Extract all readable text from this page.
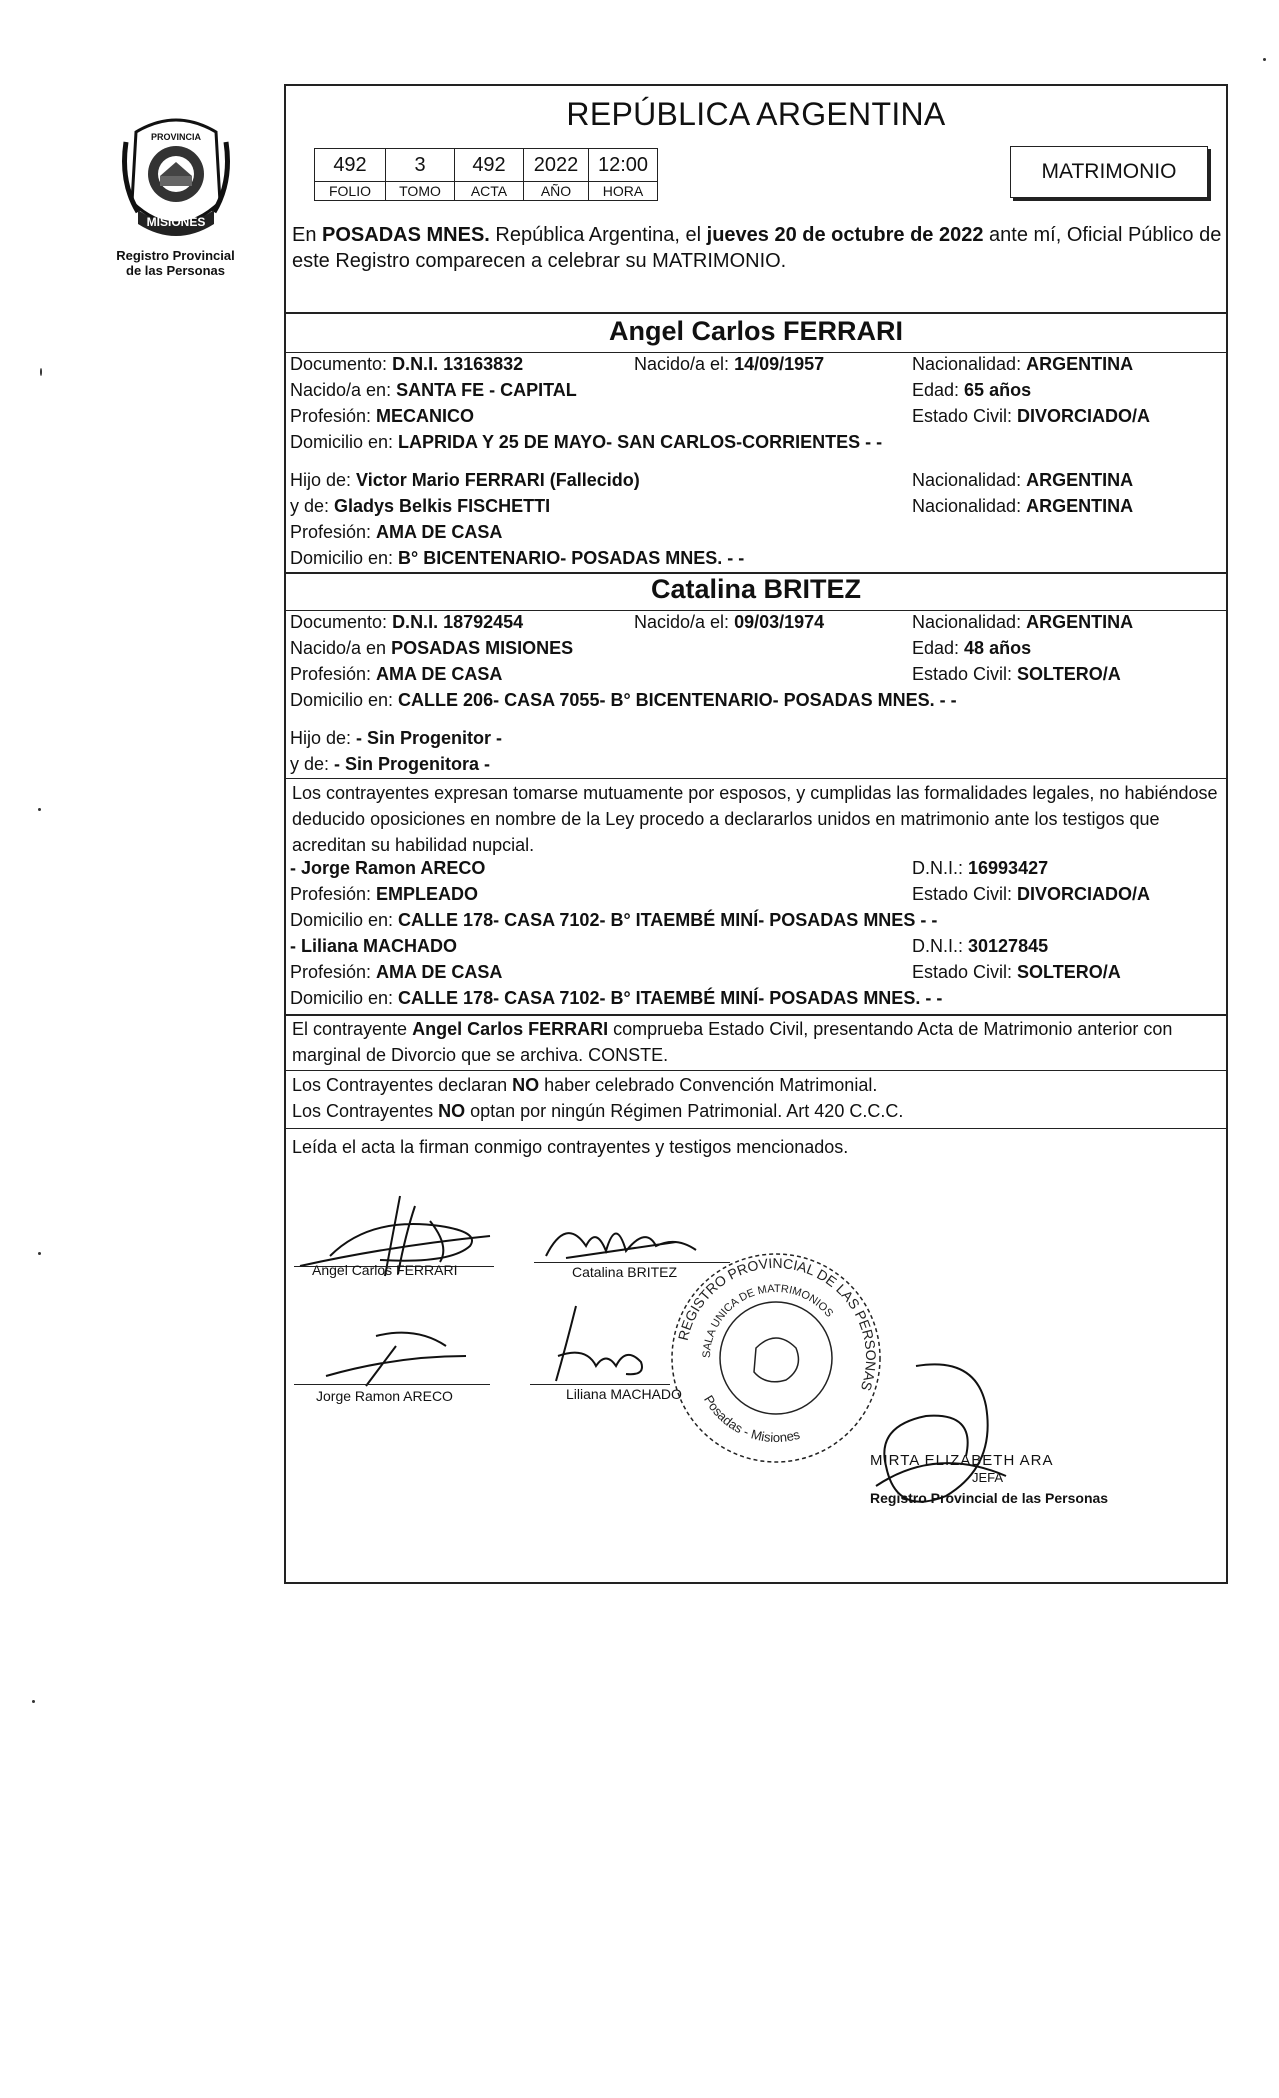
PROVINCIA
MISIONES
Registro Provincial
de las Personas
REPÚBLICA ARGENTINA
492	3	492	2022	12:00
FOLIO	TOMO	ACTA	AÑO	HORA
MATRIMONIO
En POSADAS MNES. República Argentina, el jueves 20 de octubre de 2022 ante mí, Oficial Público de este Registro comparecen a celebrar su MATRIMONIO.
Angel Carlos FERRARI
Documento: D.N.I. 13163832	Nacido/a el: 14/09/1957	Nacionalidad: ARGENTINA
Nacido/a en: SANTA FE - CAPITAL	Edad: 65 años
Profesión: MECANICO	Estado Civil: DIVORCIADO/A
Domicilio en: LAPRIDA Y 25 DE MAYO- SAN CARLOS-CORRIENTES - -
Hijo de: Victor Mario FERRARI (Fallecido)	Nacionalidad: ARGENTINA
y de: Gladys Belkis FISCHETTI	Nacionalidad: ARGENTINA
Profesión: AMA DE CASA
Domicilio en: B° BICENTENARIO- POSADAS MNES. - -
Catalina BRITEZ
Documento: D.N.I. 18792454	Nacido/a el: 09/03/1974	Nacionalidad: ARGENTINA
Nacido/a en POSADAS MISIONES	Edad: 48 años
Profesión: AMA DE CASA	Estado Civil: SOLTERO/A
Domicilio en: CALLE 206- CASA 7055- B° BICENTENARIO- POSADAS MNES. - -
Hijo de: - Sin Progenitor -
y de: - Sin Progenitora -
Los contrayentes expresan tomarse mutuamente por esposos, y cumplidas las formalidades legales, no habiéndose deducido oposiciones en nombre de la Ley procedo a declararlos unidos en matrimonio ante los testigos que acreditan su habilidad nupcial.
- Jorge Ramon ARECO	D.N.I.: 16993427
Profesión: EMPLEADO	Estado Civil: DIVORCIADO/A
Domicilio en: CALLE 178- CASA 7102- B° ITAEMBÉ MINÍ- POSADAS MNES - -
- Liliana MACHADO	D.N.I.: 30127845
Profesión: AMA DE CASA	Estado Civil: SOLTERO/A
Domicilio en: CALLE 178- CASA 7102- B° ITAEMBÉ MINÍ- POSADAS MNES. - -
El contrayente Angel Carlos FERRARI comprueba Estado Civil, presentando Acta de Matrimonio anterior con marginal de Divorcio que se archiva. CONSTE.
Los Contrayentes declaran NO haber celebrado Convención Matrimonial.
Los Contrayentes NO optan por ningún Régimen Patrimonial. Art 420 C.C.C.
Leída el acta la firman conmigo contrayentes y testigos mencionados.
Angel Carlos FERRARI	Catalina BRITEZ
Jorge Ramon ARECO	Liliana MACHADO
REGISTRO PROVINCIAL DE LAS PERSONAS
SALA UNICA DE MATRIMONIOS
Posadas - Misiones
MIRTA ELIZABETH ARA
JEFA
Registro Provincial de las Personas
